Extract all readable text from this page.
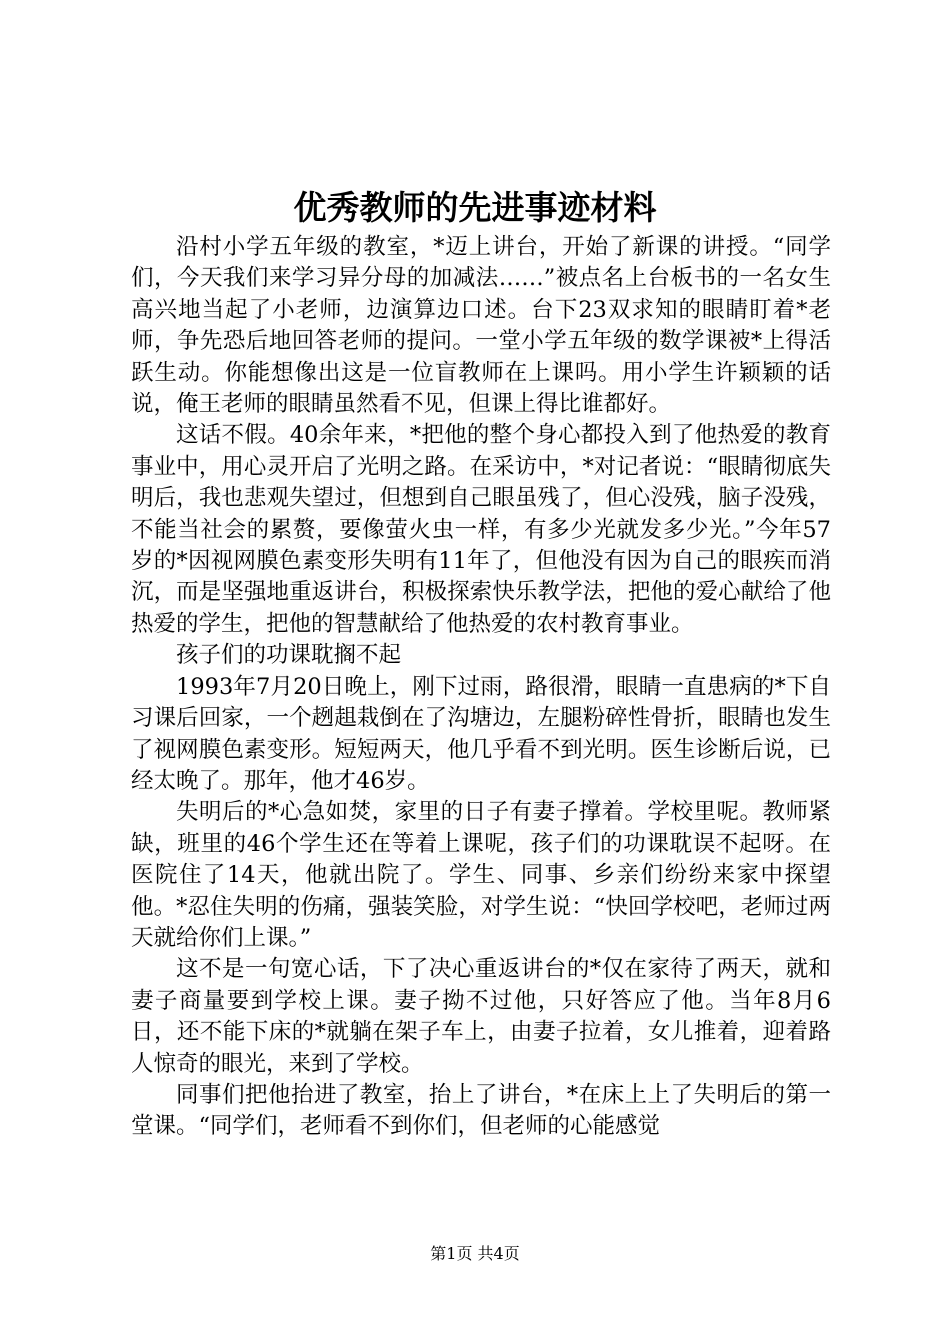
优秀教师的先进事迹材料

沿村小学五年级的教室，*迈上讲台，开始了新课的讲授。“同学们，今天我们来学习异分母的加减法……”被点名上台板书的一名女生高兴地当起了小老师，边演算边口述。台下23双求知的眼睛盯着*老师，争先恐后地回答老师的提问。一堂小学五年级的数学课被*上得活跃生动。你能想像出这是一位盲教师在上课吗。用小学生许颖颖的话说，俺王老师的眼睛虽然看不见，但课上得比谁都好。

这话不假。40余年来，*把他的整个身心都投入到了他热爱的教育事业中，用心灵开启了光明之路。在采访中，*对记者说：“眼睛彻底失明后，我也悲观失望过，但想到自己眼虽残了，但心没残，脑子没残，不能当社会的累赘，要像萤火虫一样，有多少光就发多少光。”今年57岁的*因视网膜色素变形失明有11年了，但他没有因为自己的眼疾而消沉，而是坚强地重返讲台，积极探索快乐教学法，把他的爱心献给了他热爱的学生，把他的智慧献给了他热爱的农村教育事业。

孩子们的功课耽搁不起

1993年7月20日晚上，刚下过雨，路很滑，眼睛一直患病的*下自习课后回家，一个趔趄栽倒在了沟塘边，左腿粉碎性骨折，眼睛也发生了视网膜色素变形。短短两天，他几乎看不到光明。医生诊断后说，已经太晚了。那年，他才46岁。

失明后的*心急如焚，家里的日子有妻子撑着。学校里呢。教师紧缺，班里的46个学生还在等着上课呢，孩子们的功课耽误不起呀。在医院住了14天，他就出院了。学生、同事、乡亲们纷纷来家中探望他。*忍住失明的伤痛，强装笑脸，对学生说：“快回学校吧，老师过两天就给你们上课。”

这不是一句宽心话，下了决心重返讲台的*仅在家待了两天，就和妻子商量要到学校上课。妻子拗不过他，只好答应了他。当年8月6日，还不能下床的*就躺在架子车上，由妻子拉着，女儿推着，迎着路人惊奇的眼光，来到了学校。

同事们把他抬进了教室，抬上了讲台，*在床上上了失明后的第一堂课。“同学们，老师看不到你们，但老师的心能感觉

第1页 共4页
